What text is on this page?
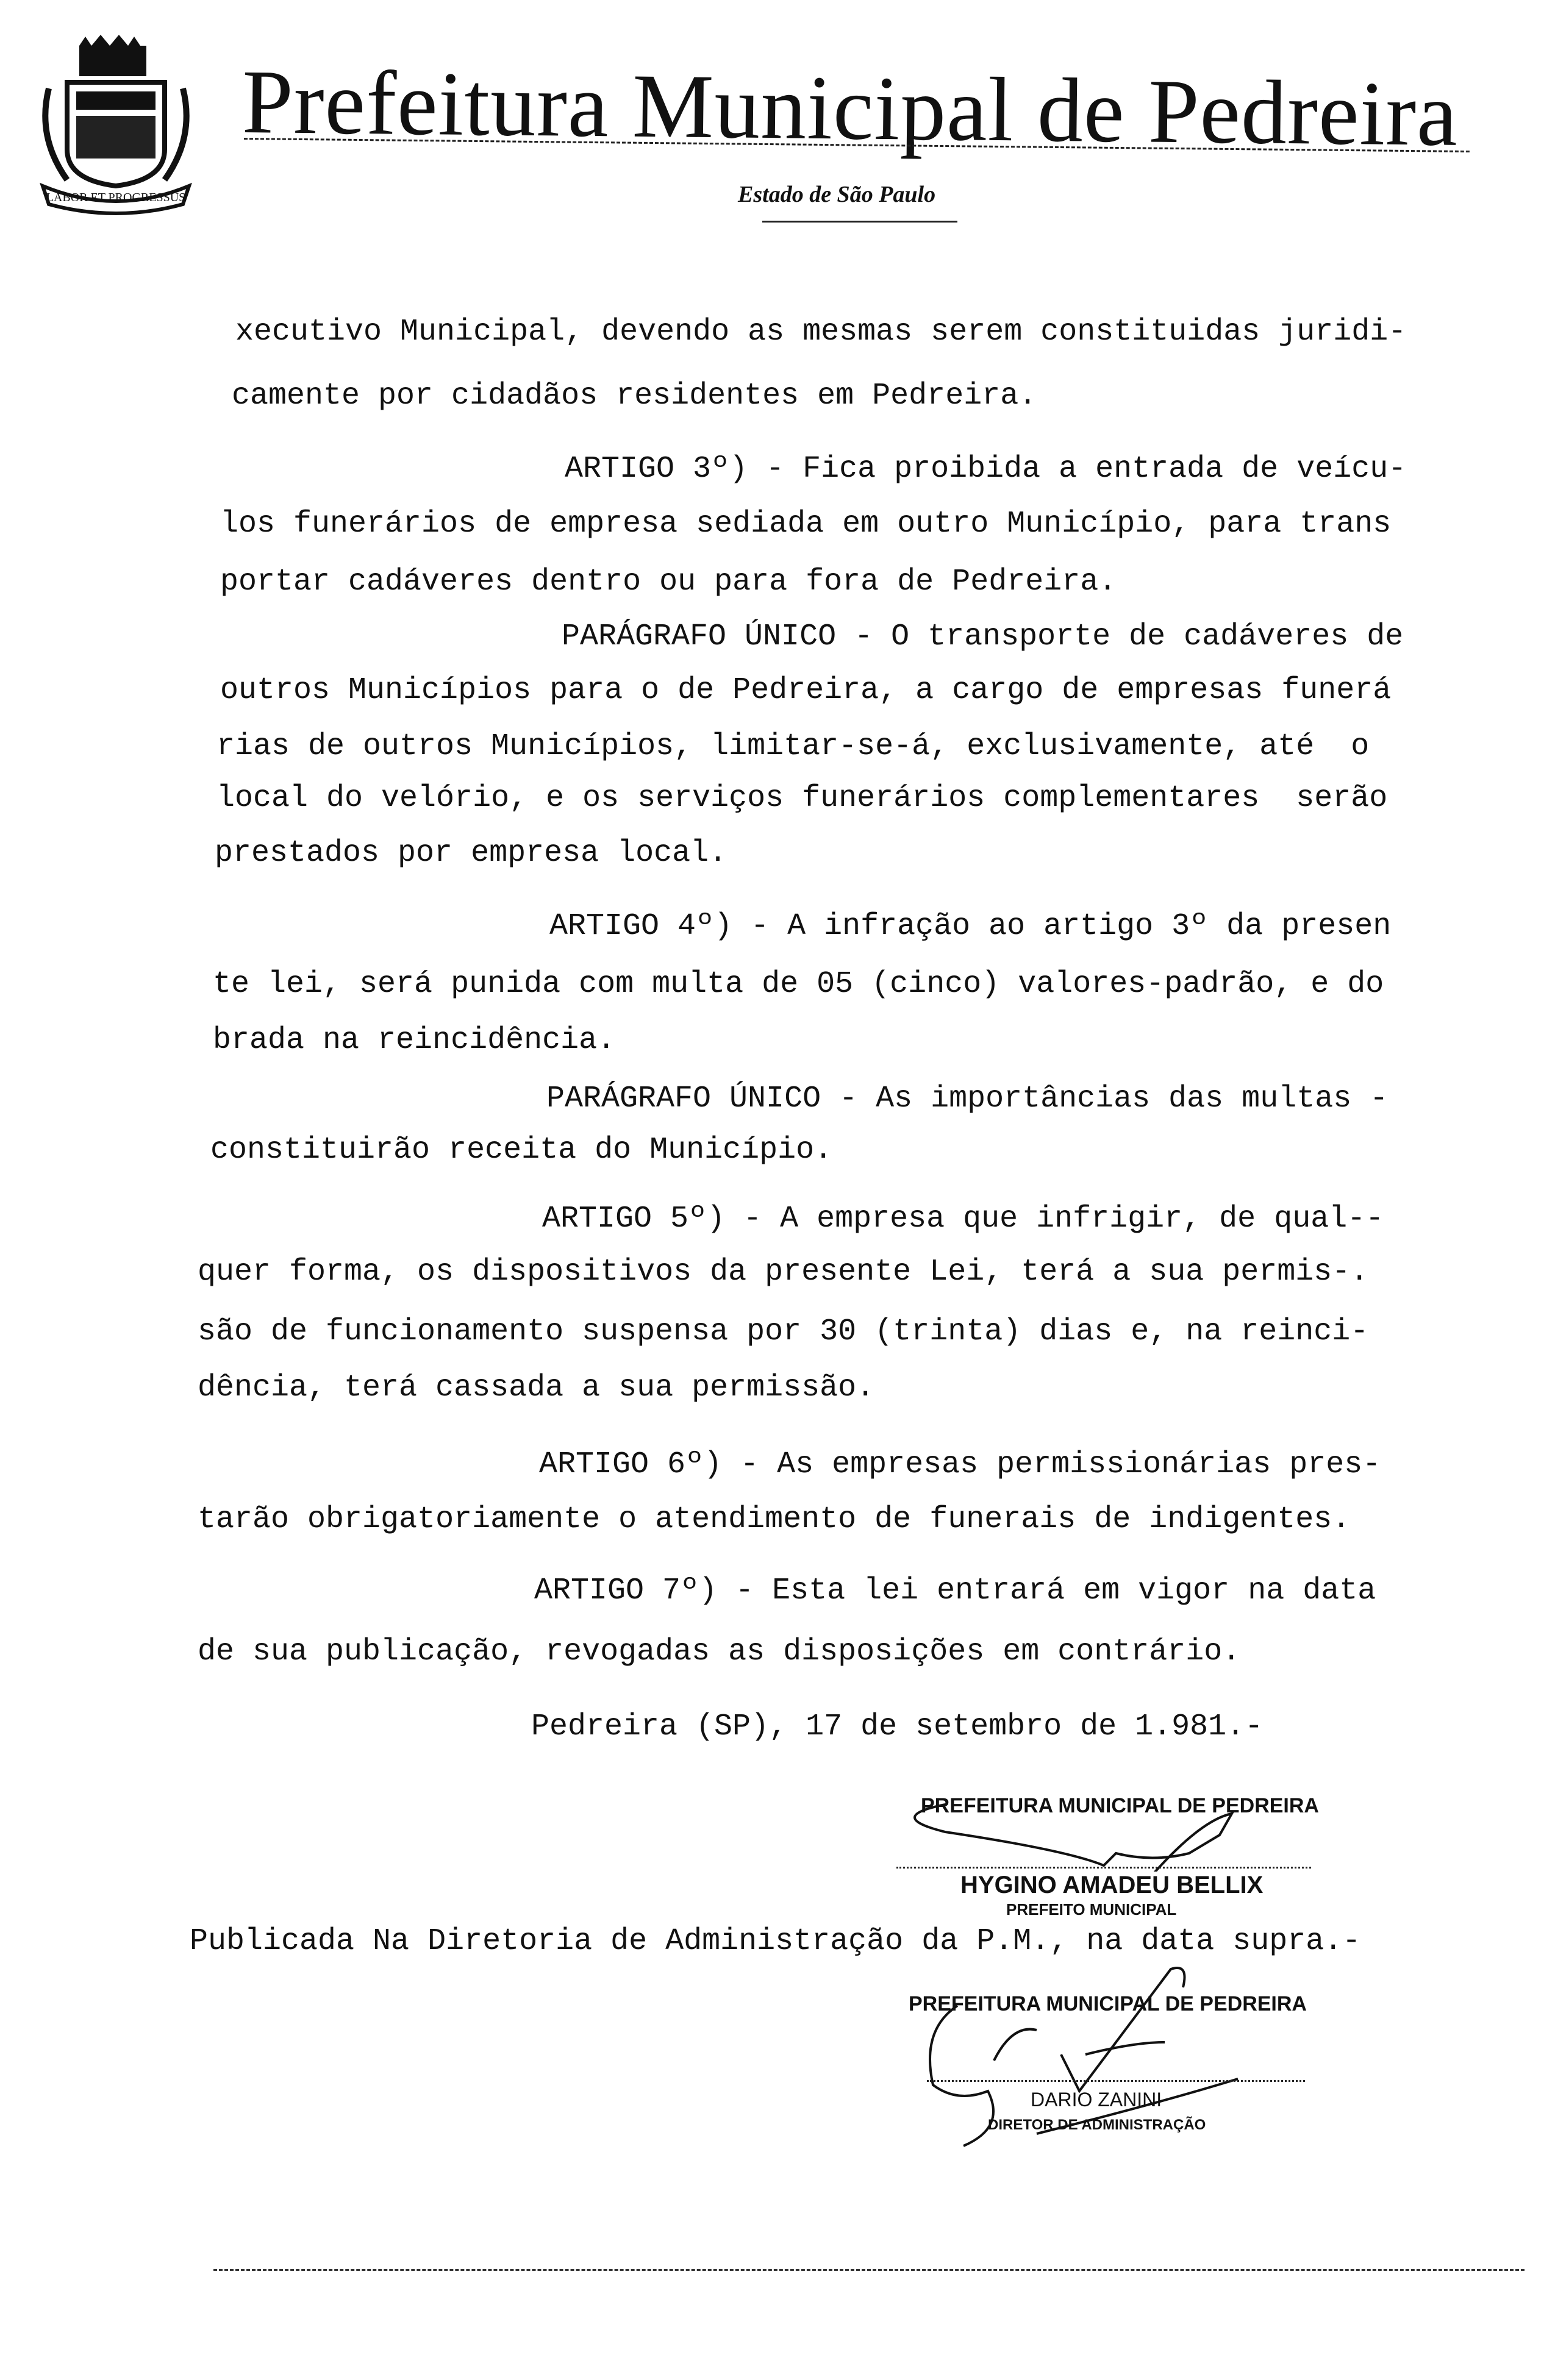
LABOR ET PROGRESSUS
Prefeitura Municipal de Pedreira
Estado de São Paulo
xecutivo Municipal, devendo as mesmas serem constituidas juridi-
camente por cidadãos residentes em Pedreira.
ARTIGO 3º) - Fica proibida a entrada de veícu-
los funerários de empresa sediada em outro Município, para trans
portar cadáveres dentro ou para fora de Pedreira.
PARÁGRAFO ÚNICO - O transporte de cadáveres de
outros Municípios para o de Pedreira, a cargo de empresas funerá
rias de outros Municípios, limitar-se-á, exclusivamente, até  o
local do velório, e os serviços funerários complementares  serão
prestados por empresa local.
ARTIGO 4º) - A infração ao artigo 3º da presen
te lei, será punida com multa de 05 (cinco) valores-padrão, e do
brada na reincidência.
PARÁGRAFO ÚNICO - As importâncias das multas -
constituirão receita do Município.
ARTIGO 5º) - A empresa que infrigir, de qual--
quer forma, os dispositivos da presente Lei, terá a sua permis-.
são de funcionamento suspensa por 30 (trinta) dias e, na reinci-
dência, terá cassada a sua permissão.
ARTIGO 6º) - As empresas permissionárias pres-
tarão obrigatoriamente o atendimento de funerais de indigentes.
ARTIGO 7º) - Esta lei entrará em vigor na data
de sua publicação, revogadas as disposições em contrário.
Pedreira (SP), 17 de setembro de 1.981.-
PREFEITURA MUNICIPAL DE PEDREIRA
HYGINO AMADEU BELLIX
PREFEITO MUNICIPAL
Publicada Na Diretoria de Administração da P.M., na data supra.-
PREFEITURA MUNICIPAL DE PEDREIRA
DARIO ZANINI
DIRETOR DE ADMINISTRAÇÃO
